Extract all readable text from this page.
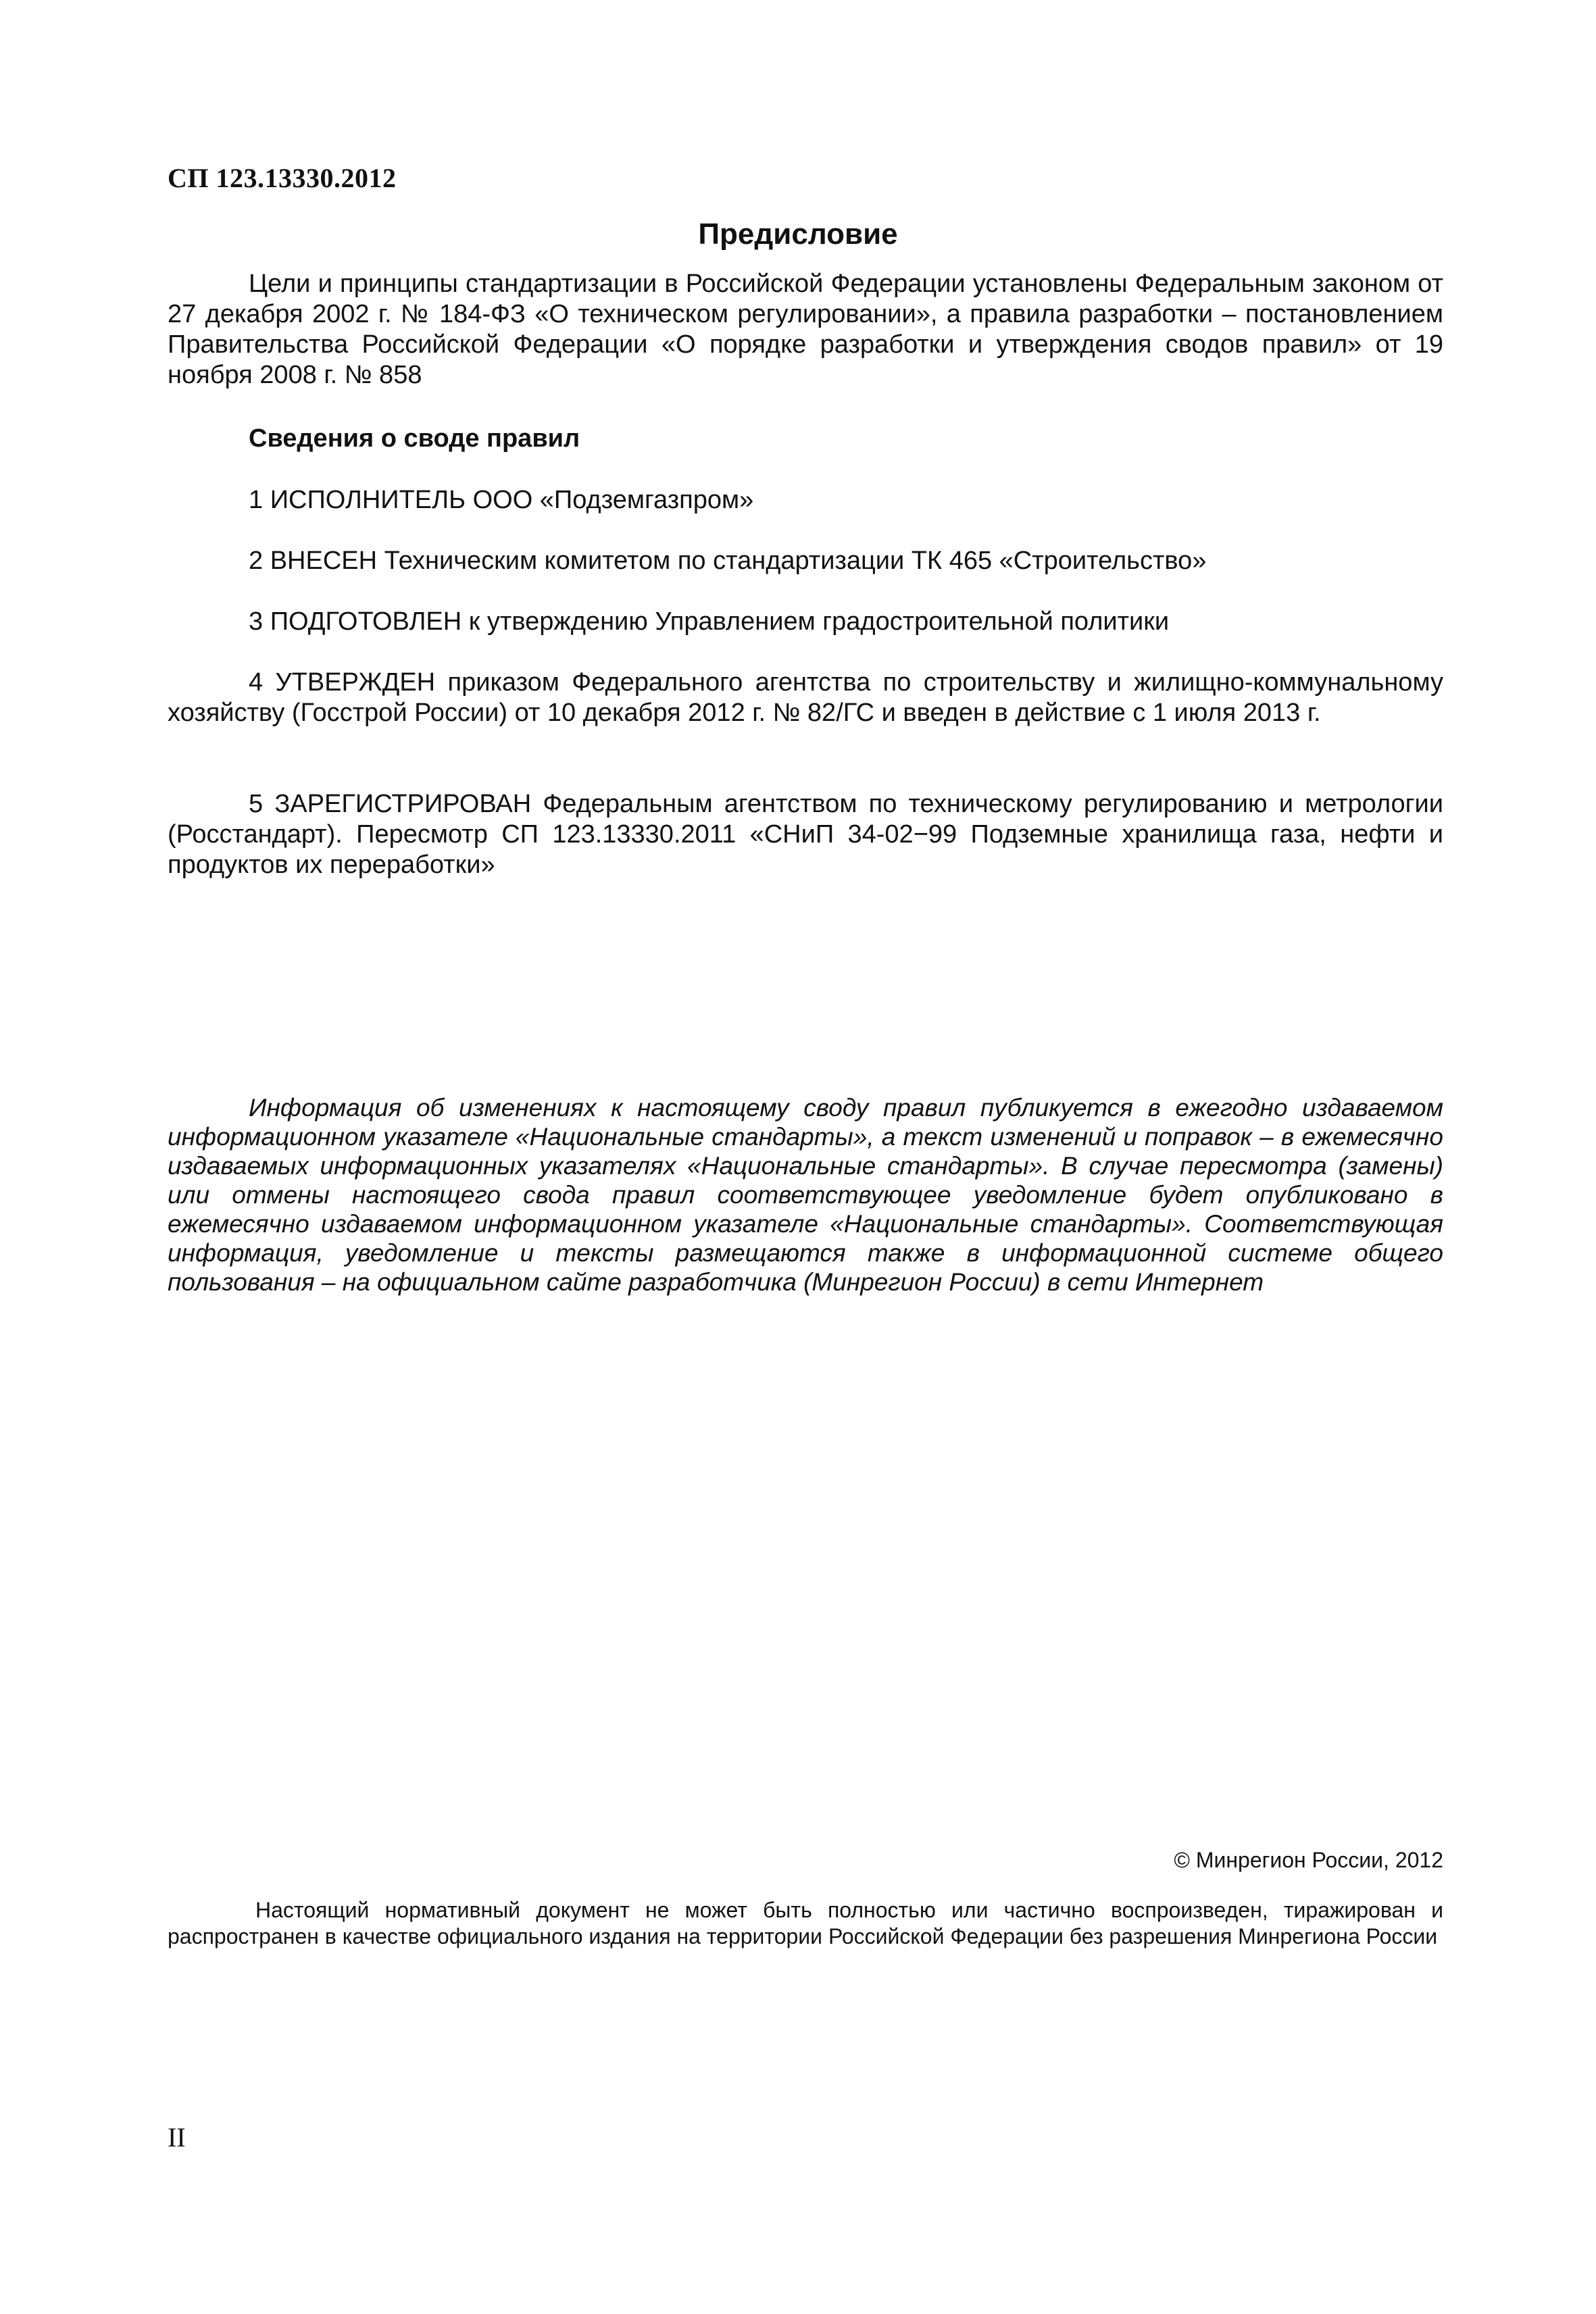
СП 123.13330.2012
Предисловие

Цели и принципы стандартизации в Российской Федерации установлены Федеральным законом от 27 декабря 2002 г. № 184-ФЗ «О техническом регулировании», а правила разработки – постановлением Правительства Российской Федерации «О порядке разработки и утверждения сводов правил» от 19 ноября 2008 г. № 858

Сведения о своде правил

1 ИСПОЛНИТЕЛЬ ООО «Подземгазпром»

2 ВНЕСЕН Техническим комитетом по стандартизации ТК 465 «Строительство»

3 ПОДГОТОВЛЕН к утверждению Управлением градостроительной политики

4 УТВЕРЖДЕН приказом Федерального агентства по строительству и жилищно-коммунальному хозяйству (Госстрой России) от 10 декабря 2012 г. № 82/ГС и введен в действие с 1 июля 2013 г.

5 ЗАРЕГИСТРИРОВАН Федеральным агентством по техническому регулированию и метрологии (Росстандарт). Пересмотр СП 123.13330.2011 «СНиП 34-02−99 Подземные хранилища газа, нефти и продуктов их переработки»

Информация об изменениях к настоящему своду правил публикуется в ежегодно издаваемом информационном указателе «Национальные стандарты», а текст изменений и поправок – в ежемесячно издаваемых информационных указателях «Национальные стандарты». В случае пересмотра (замены) или отмены настоящего свода правил соответствующее уведомление будет опубликовано в ежемесячно издаваемом информационном указателе «Национальные стандарты». Соответствующая информация, уведомление и тексты размещаются также в информационной системе общего пользования – на официальном сайте разработчика (Минрегион России) в сети Интернет

© Минрегион России, 2012

Настоящий нормативный документ не может быть полностью или частично воспроизведен, тиражирован и распространен в качестве официального издания на территории Российской Федерации без разрешения Минрегиона России

II
